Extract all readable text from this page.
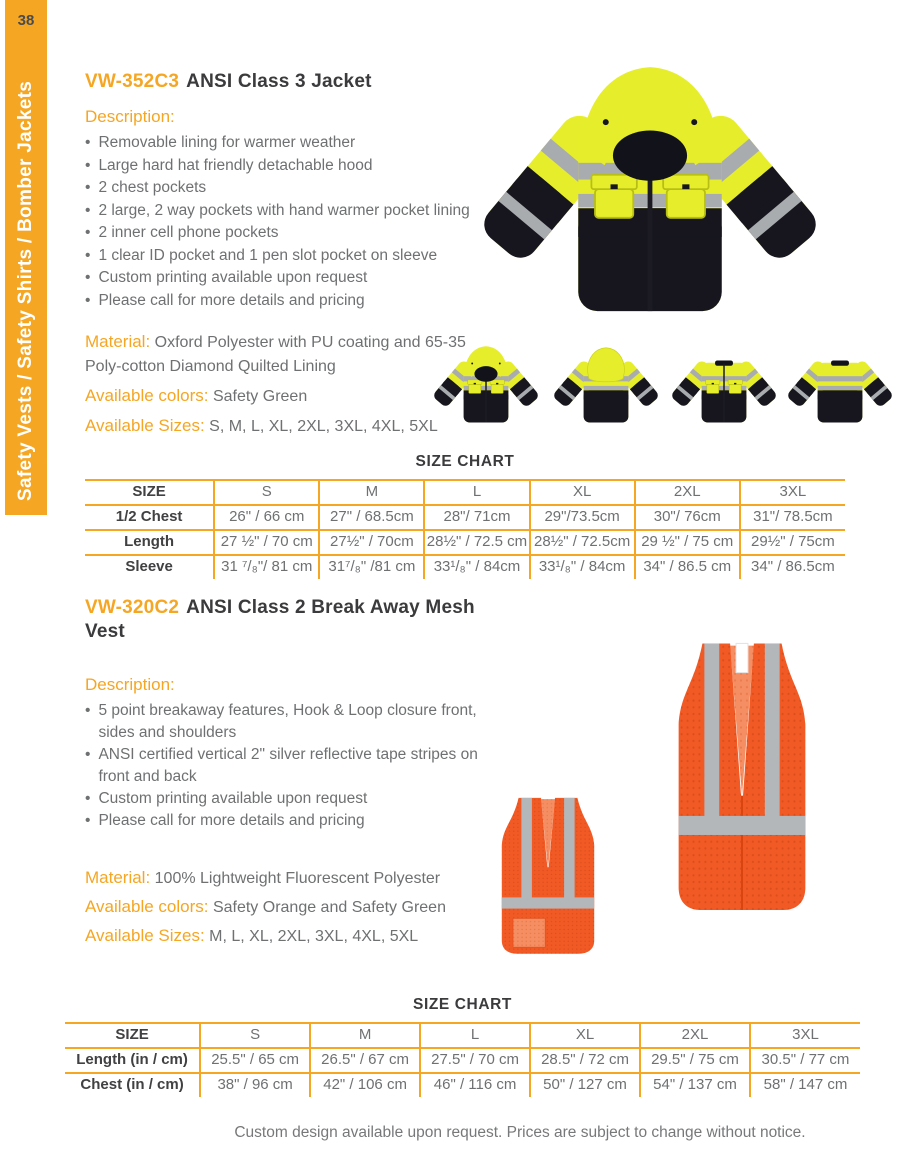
38
Safety Vests / Safety Shirts / Bomber Jackets	VW-352C3 ANSI Class 3 Jacket
Description:
• Removable lining for warmer weather
• Large hard hat friendly detachable hood
• 2 chest pockets
• 2 large, 2 way pockets with hand warmer pocket lining
• 2 inner cell phone pockets
• 1 clear ID pocket and 1 pen slot pocket on sleeve
• Custom printing available upon request
• Please call for more details and pricing
Material: Oxford Polyester with PU coating and 65-35 Poly-cotton Diamond Quilted Lining
Available colors: Safety Green
Available Sizes: S, M, L, XL, 2XL, 3XL, 4XL, 5XL
SIZE CHART
SIZE	S	M	L	XL	2XL	3XL
1/2 Chest	26" / 66 cm	27" / 68.5cm	28"/ 71cm	29"/73.5cm	30"/ 76cm	31"/ 78.5cm
Length	27 ½" / 70 cm	27½" / 70cm	28½" / 72.5 cm	28½" / 72.5cm	29 ½" / 75 cm	29½" / 75cm
Sleeve	31 ⁷/₈"/ 81 cm	31⁷/₈" /81 cm	33¹/₈" / 84cm	33¹/₈" / 84cm	34" / 86.5 cm	34" / 86.5cm
VW-320C2 ANSI Class 2 Break Away Mesh Vest
Description:
• 5 point breakaway features, Hook & Loop closure front, sides and shoulders
• ANSI certified vertical 2" silver reflective tape stripes on front and back
• Custom printing available upon request
• Please call for more details and pricing
Material: 100% Lightweight Fluorescent Polyester
Available colors: Safety Orange and Safety Green
Available Sizes: M, L, XL, 2XL, 3XL, 4XL, 5XL
SIZE CHART
SIZE	S	M	L	XL	2XL	3XL
Length (in / cm)	25.5" / 65 cm	26.5" / 67 cm	27.5" / 70 cm	28.5" / 72 cm	29.5" / 75 cm	30.5" / 77 cm
Chest (in / cm)	38" / 96 cm	42" / 106 cm	46" / 116 cm	50" / 127 cm	54" / 137 cm	58" / 147 cm
Custom design available upon request. Prices are subject to change without notice.
